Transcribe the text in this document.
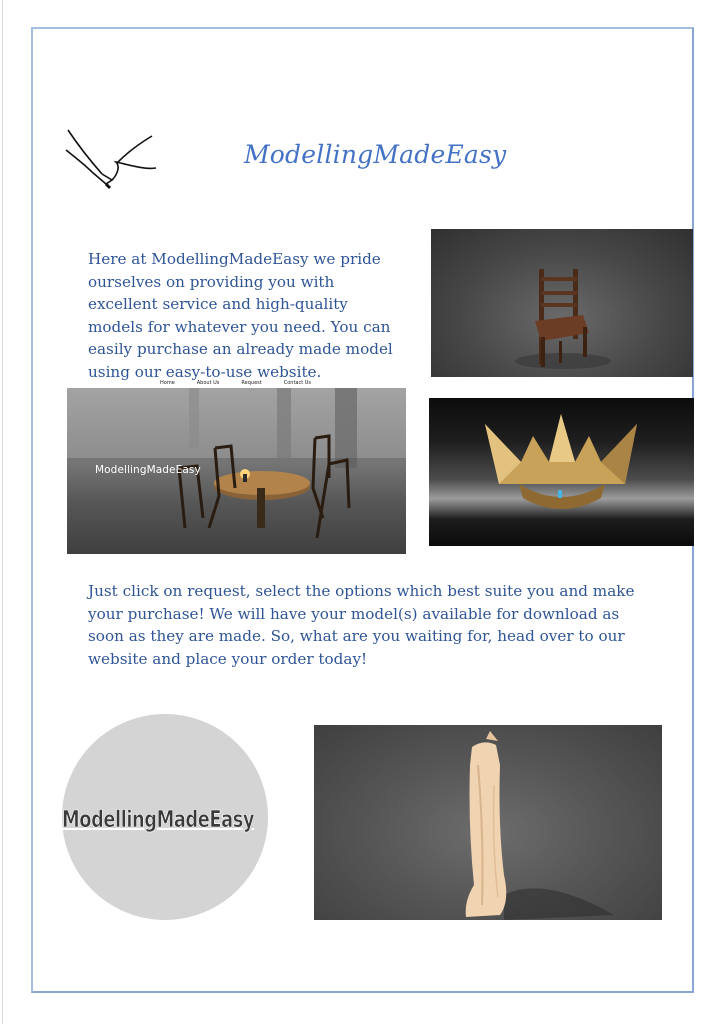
ModellingMadeEasy

Here at ModellingMadeEasy we pride ourselves on providing you with excellent service and high-quality models for whatever you need. You can easily purchase an already made model using our easy-to-use website.

Home	About Us	Request	Contact Us
ModellingMadeEasy

Just click on request, select the options which best suite you and make your purchase! We will have your model(s) available for download as soon as they are made. So, what are you waiting for, head over to our website and place your order today!

ModellingMadeEasy
